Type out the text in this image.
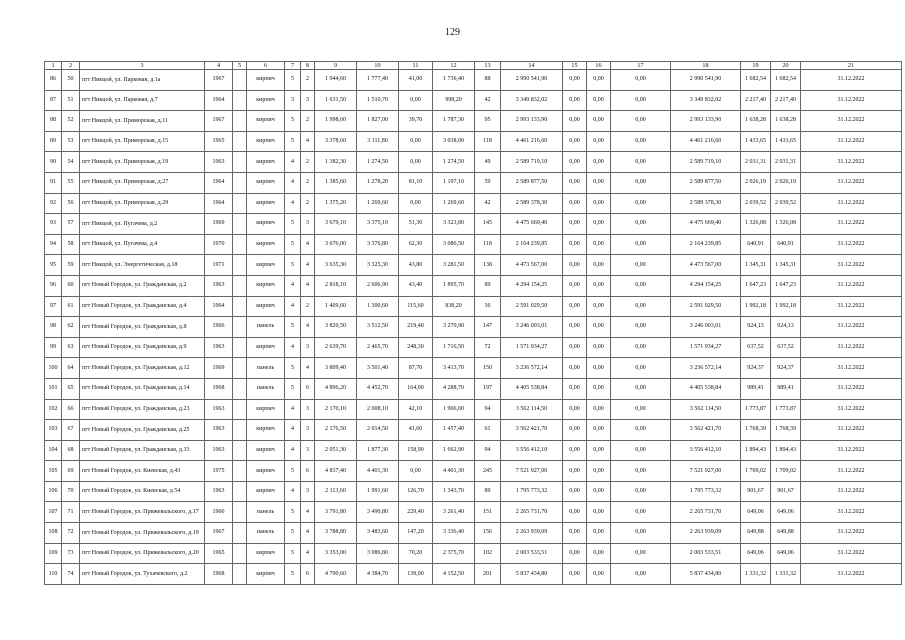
129
1	2	3	4	5	6	7	8	9	10	11	12	13	14	15	16	17	18	19	20	21
86	50	пгт Никцой, ул. Парковая, д.1а	1967		кирпич	5	2	1 944,60	1 777,40	41,00	1 736,40	88	2 990 541,90	0,00	0,00	0,00	2 990 541,90	1 682,54	1 682,54	31.12.2022
87	51	пгт Никцой, ул. Парковая, д.7	1964		кирпич	3	3	1 631,50	1 510,70	0,00	998,20	42	3 349 832,02	0,00	0,00	0,00	3 349 832,02	2 217,40	2 217,40	31.12.2022
88	52	пгт Никцой, ул. Приморская, д.11	1967		кирпич	5	2	1 998,60	1 827,00	39,70	1 787,30	95	2 993 133,90	0,00	0,00	0,00	2 993 133,90	1 638,28	1 638,28	31.12.2022
89	53	пгт Никцой, ул. Приморская, д.15	1965		кирпич	5	4	3 378,60	3 111,80	0,00	3 038,00	118	4 461 216,60	0,00	0,00	0,00	4 461 216,60	1 433,65	1 433,65	31.12.2022
90	54	пгт Никцой, ул. Приморская, д.19	1963		кирпич	4	2	1 382,30	1 274,50	0,00	1 274,50	49	2 589 719,10	0,00	0,00	0,00	2 589 719,10	2 031,31	2 031,31	31.12.2022
91	55	пгт Никцой, ул. Приморская, д.27	1964		кирпич	4	2	1 385,60	1 278,20	81,10	1 197,10	59	2 589 877,50	0,00	0,00	0,00	2 589 877,50	2 026,19	2 026,19	31.12.2022
92	56	пгт Никцой, ул. Приморская, д.29	1964		кирпич	4	2	1 375,20	1 269,60	0,00	1 269,60	42	2 589 378,30	0,00	0,00	0,00	2 589 378,30	2 039,52	2 039,52	31.12.2022
93	57	пгт Никцой, ул. Пугачева, д.2	1969		кирпич	5	3	3 679,10	3 375,10	51,30	3 323,80	145	4 475 669,40	0,00	0,00	0,00	4 475 669,40	1 326,08	1 326,08	31.12.2022
94	58	пгт Никцой, ул. Пугачева, д.4	1970		кирпич	5	4	3 676,00	3 376,80	62,30	3 086,50	118	2 164 239,85	0,00	0,00	0,00	2 164 239,85	640,91	640,91	31.12.2022
95	59	пгт Никцой, ул. Энергетическая, д.18	1971		кирпич	5	4	3 635,30	3 325,30	43,80	3 281,50	138	4 473 567,00	0,00	0,00	0,00	4 473 567,00	1 345,31	1 345,31	31.12.2022
96	60	пгт Новый Городок, ул. Гражданская, д.2	1963		кирпич	4	4	2 818,10	2 606,90	43,40	1 895,70	89	4 294 154,25	0,00	0,00	0,00	4 294 154,25	1 647,23	1 647,23	31.12.2022
97	61	пгт Новый Городок, ул. Гражданская, д.4	1964		кирпич	4	2	1 409,60	1 300,60	115,60	838,20	36	2 591 029,50	0,00	0,00	0,00	2 591 029,50	1 992,18	1 992,18	31.12.2022
98	62	пгт Новый Городок, ул. Гражданская, д.8	1966		панель	5	4	3 820,50	3 512,50	219,40	3 270,90	147	3 246 003,01	0,00	0,00	0,00	3 246 003,01	924,13	924,13	31.12.2022
99	63	пгт Новый Городок, ул. Гражданская, д.9	1963		кирпич	4	3	2 639,70	2 465,70	248,30	1 716,50	72	1 571 934,27	0,00	0,00	0,00	1 571 934,27	637,52	637,52	31.12.2022
100	64	пгт Новый Городок, ул. Гражданская, д.12	1969		панель	5	4	3 809,40	3 501,40	87,70	3 413,70	150	3 236 572,14	0,00	0,00	0,00	3 236 572,14	924,37	924,37	31.12.2022
101	65	пгт Новый Городок, ул. Гражданская, д.14	1968		панель	5	6	4 896,20	4 452,70	164,00	4 288,70	197	4 405 538,84	0,00	0,00	0,00	4 405 538,84	989,41	989,41	31.12.2022
102	66	пгт Новый Городок, ул. Гражданская, д.23	1963		кирпич	4	3	2 170,10	2 008,10	42,10	1 966,00	94	3 562 114,50	0,00	0,00	0,00	3 562 114,50	1 773,87	1 773,87	31.12.2022
103	67	пгт Новый Городок, ул. Гражданская, д.25	1963		кирпич	4	3	2 176,50	2 014,50	41,60	1 457,40	61	3 562 421,70	0,00	0,00	0,00	3 562 421,70	1 768,39	1 768,39	31.12.2022
104	68	пгт Новый Городок, ул. Гражданская, д.33	1963		кирпич	4	3	2 051,30	1 877,30	158,90	1 662,90	94	3 556 412,10	0,00	0,00	0,00	3 556 412,10	1 894,43	1 894,43	31.12.2022
105	69	пгт Новый Городок, ул. Киевская, д.43	1975		кирпич	5	6	4 837,40	4 401,30	0,00	4 401,30	245	7 521 927,00	0,00	0,00	0,00	7 521 927,00	1 709,02	1 709,02	31.12.2022
106	70	пгт Новый Городок, ул. Киевская, д.54	1963		кирпич	4	3	2 113,60	1 991,60	126,70	1 343,70	89	1 795 773,32	0,00	0,00	0,00	1 795 773,32	901,67	901,67	31.12.2022
107	71	пгт Новый Городок, ул. Прижевальского, д.17	1966		панель	5	4	3 791,80	3 490,80	229,40	3 261,40	151	2 265 731,70	0,00	0,00	0,00	2 265 731,70	649,06	649,06	31.12.2022
108	72	пгт Новый Городок, ул. Прижевальского, д.19	1967		панель	5	4	3 788,80	3 483,60	147,20	3 336,40	156	2 263 939,09	0,00	0,00	0,00	2 263 939,09	649,88	649,88	31.12.2022
109	73	пгт Новый Городок, ул. Прижевальского, д.20	1965		кирпич	5	4	3 353,00	3 086,80	70,20	2 375,70	102	2 003 533,51	0,00	0,00	0,00	2 003 533,51	649,06	649,06	31.12.2022
110	74	пгт Новый Городок, ул. Тухачевского, д.2	1968		кирпич	5	6	4 790,60	4 384,70	139,00	4 152,50	201	5 837 434,80	0,00	0,00	0,00	5 837 434,80	1 331,32	1 331,32	31.12.2022
